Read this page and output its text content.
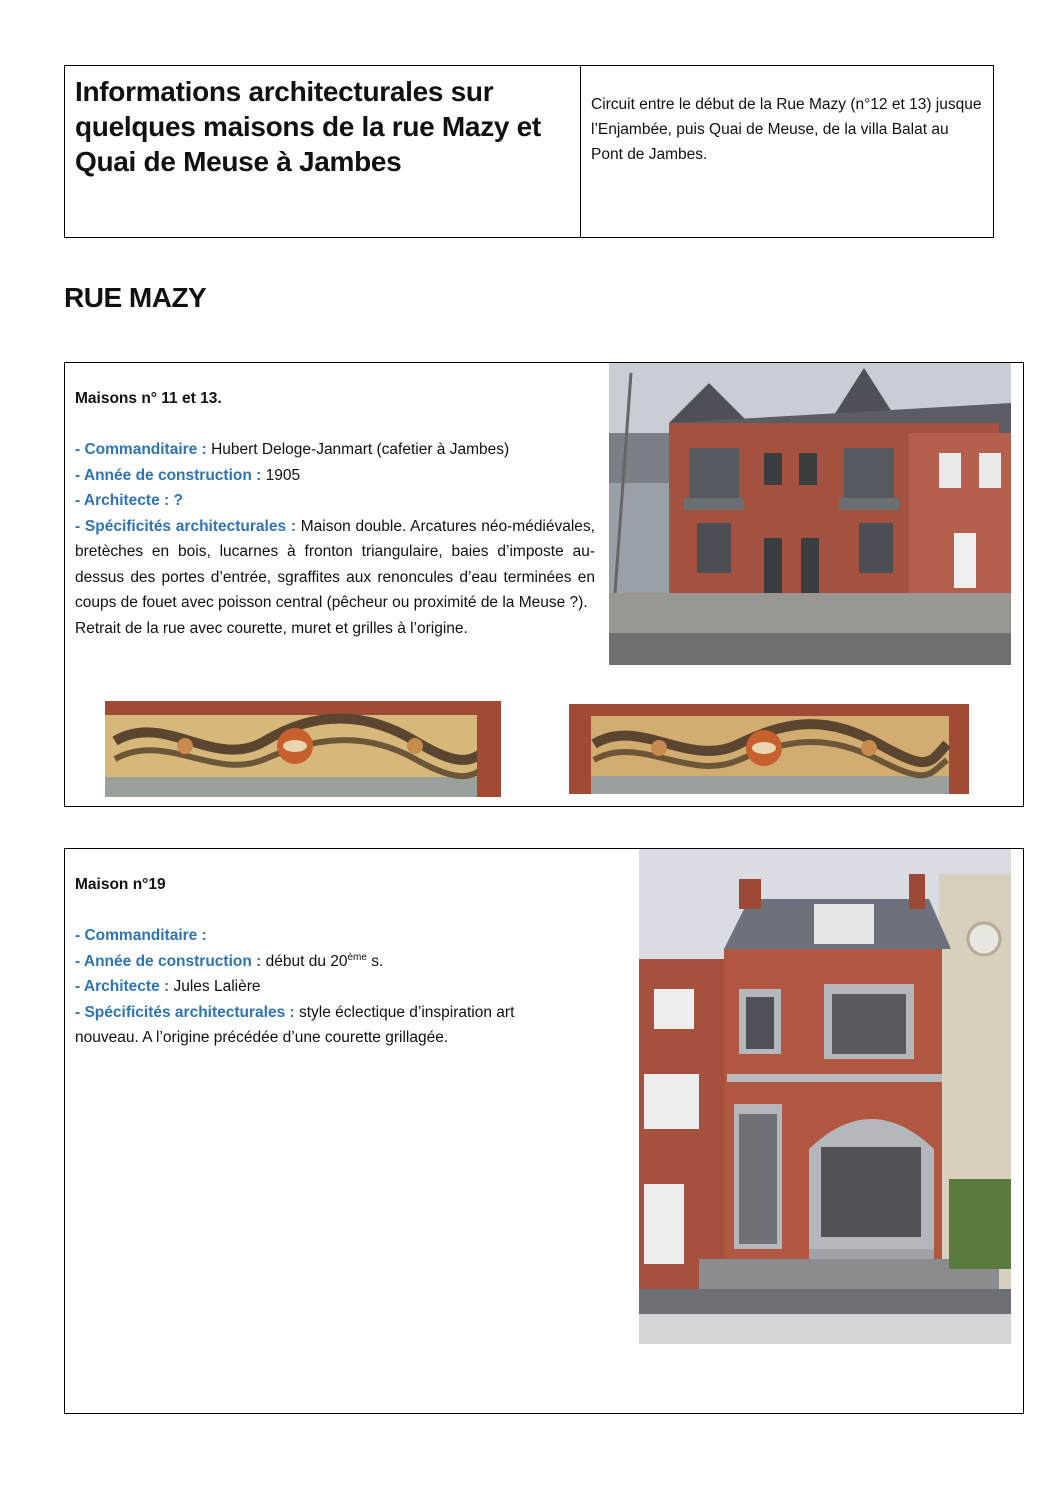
Informations architecturales sur quelques maisons de la rue Mazy et Quai de Meuse à Jambes
Circuit entre le début de la Rue Mazy (n°12 et 13) jusque l’Enjambée, puis Quai de Meuse, de la villa Balat au Pont de Jambes.
RUE MAZY

Maisons n° 11 et 13.

- Commanditaire : Hubert Deloge-Janmart (cafetier à Jambes)

- Année de construction : 1905

- Architecte : ?

- Spécificités architecturales : Maison double. Arcatures néo-médiévales, bretèches en bois, lucarnes à fronton triangulaire, baies d’imposte au-dessus des portes d’entrée, sgraffites aux renoncules d’eau terminées en coups de fouet avec poisson central (pêcheur ou proximité de la Meuse ?).

Retrait de la rue avec courette, muret et grilles à l’origine.

Maison n°19

- Commanditaire :

- Année de construction : début du 20ème s.

- Architecte : Jules Lalière

- Spécificités architecturales : style éclectique d’inspiration art nouveau. A l’origine précédée d’une courette grillagée.
